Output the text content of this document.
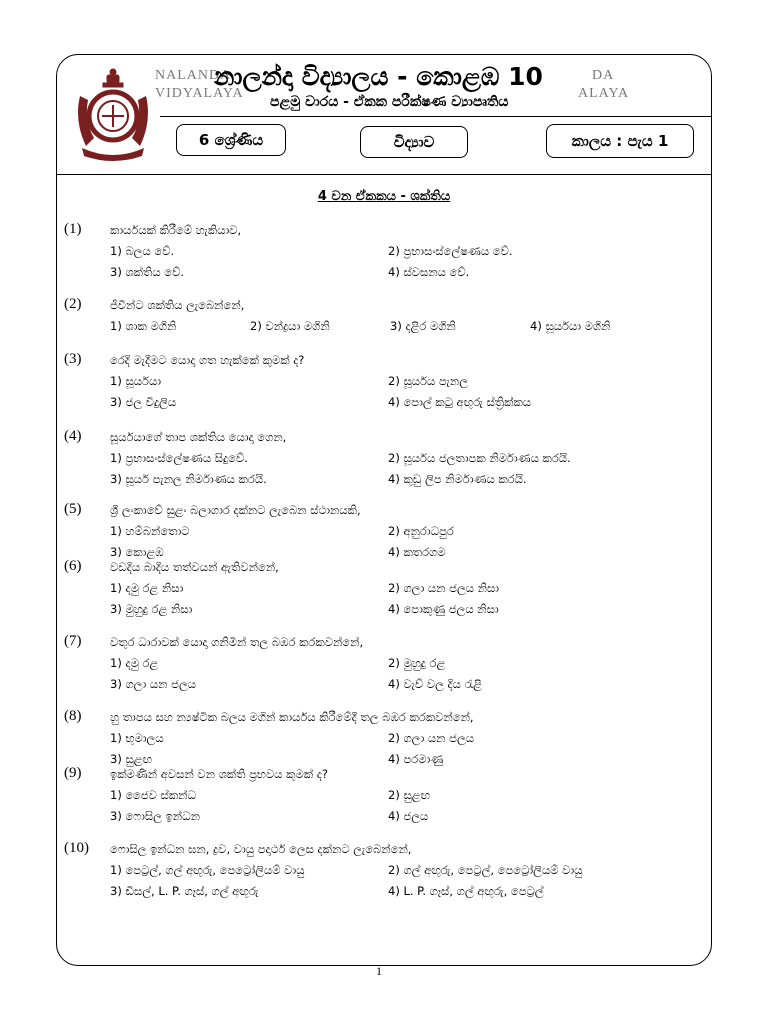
NALANDA
VIDYALAYA
DA
ALAYA
නාලන්දා විද්‍යාලය - කොළඹ 10
පළමු වාරය - ඒකක පරීක්ෂණ ව්‍යාපෘතිය
6 ශ්‍රේණිය	විද්‍යාව	කාලය : පැය 1
4 වන ඒකකය - ශක්තිය
(1) කාර්යයක් කිරීමේ හැකියාව,
1) බලය වේ.	2) ප්‍රභාසංස්ලේෂණය වේ.
3) ශක්තිය වේ.	4) ස්වසනය වේ.
(2) ජීවීන්ට ශක්තිය ලැබෙන්නේ,
1) ශාක මගිනි	2) චන්ද්‍රයා මගිනි	3) දළිර මගිනි	4) සූර්යයා මගිනි
(3) රෙදි මැදීමට යොදා ගත හැක්කේ කුමක් ද?
1) සූර්යයා	2) සූර්යය පැනල
3) ජල විදුලිය	4) පොල් කටු අඟුරු ස්ත්‍රික්කය
(4) සූර්යයාගේ තාප ශක්තිය යොදා ගෙන,
1) ප්‍රභාසංස්ලේෂණය සිදුවේ.	2) සූර්යය ජලතාපක නිර්මාණය කරයි.
3) සූර්ය පැනල නිර්මාණය කරයි.	4) කුඩු ලිප නිර්මාණය කරයි.
(5) ශ්‍රී ලංකාවේ සුළං බලාගාර දක්නට ලැබෙන ස්ථානයකි,
1) හම්බන්තොට	2) අනුරාධපුර
3) කොළඹ	4) කතරගම
(6) වඩදිය බාදිය තත්වයන් ඇතිවන්නේ,
1) දමු රළ නිසා	2) ගලා යන ජලය නිසා
3) මුහුදු රළ නිසා	4) පොකුණු ජලය නිසා
(7) වතුර ධාරාවක් යොදා ගනිමින් තල බඹර කරකවන්නේ,
1) දමු රළ	2) මුහුදු රළ
3) ගලා යන ජලය	4) වැව් වල දිය රැළි
(8) හු තාපය සහ න්‍යෂ්ටික බලය මගින් කාර්යය කිරීමේදී තල බඹර කරකවන්නේ,
1) භුමාලය	2) ගලා යන ජලය
3) සුළඟ	4) පරමාණු
(9) ඉක්මණින් අවසන් වන ශක්ති ප්‍රභවය කුමක් ද?
1) ජෛව ස්කන්ධ	2) සුළඟ
3) ෆොසිල ඉන්ධන	4) ජලය
(10) ෆොසිල ඉන්ධන ඝන, ද්‍රව, වායු පදාර්ථ ලෙස දක්නට ලැබෙන්නේ,
1) පෙට්‍රල්, ගල් අඟුරු, පෙට්‍රෝලියම් වායු	2) ගල් අඟුරු, පෙට්‍රල්, පෙට්‍රෝලියම් වායු
3) ඩීසල්, L. P. ගෑස්, ගල් අඟුරු	4) L. P. ගෑස්, ගල් අඟුරු, පෙට්‍රල්
1
